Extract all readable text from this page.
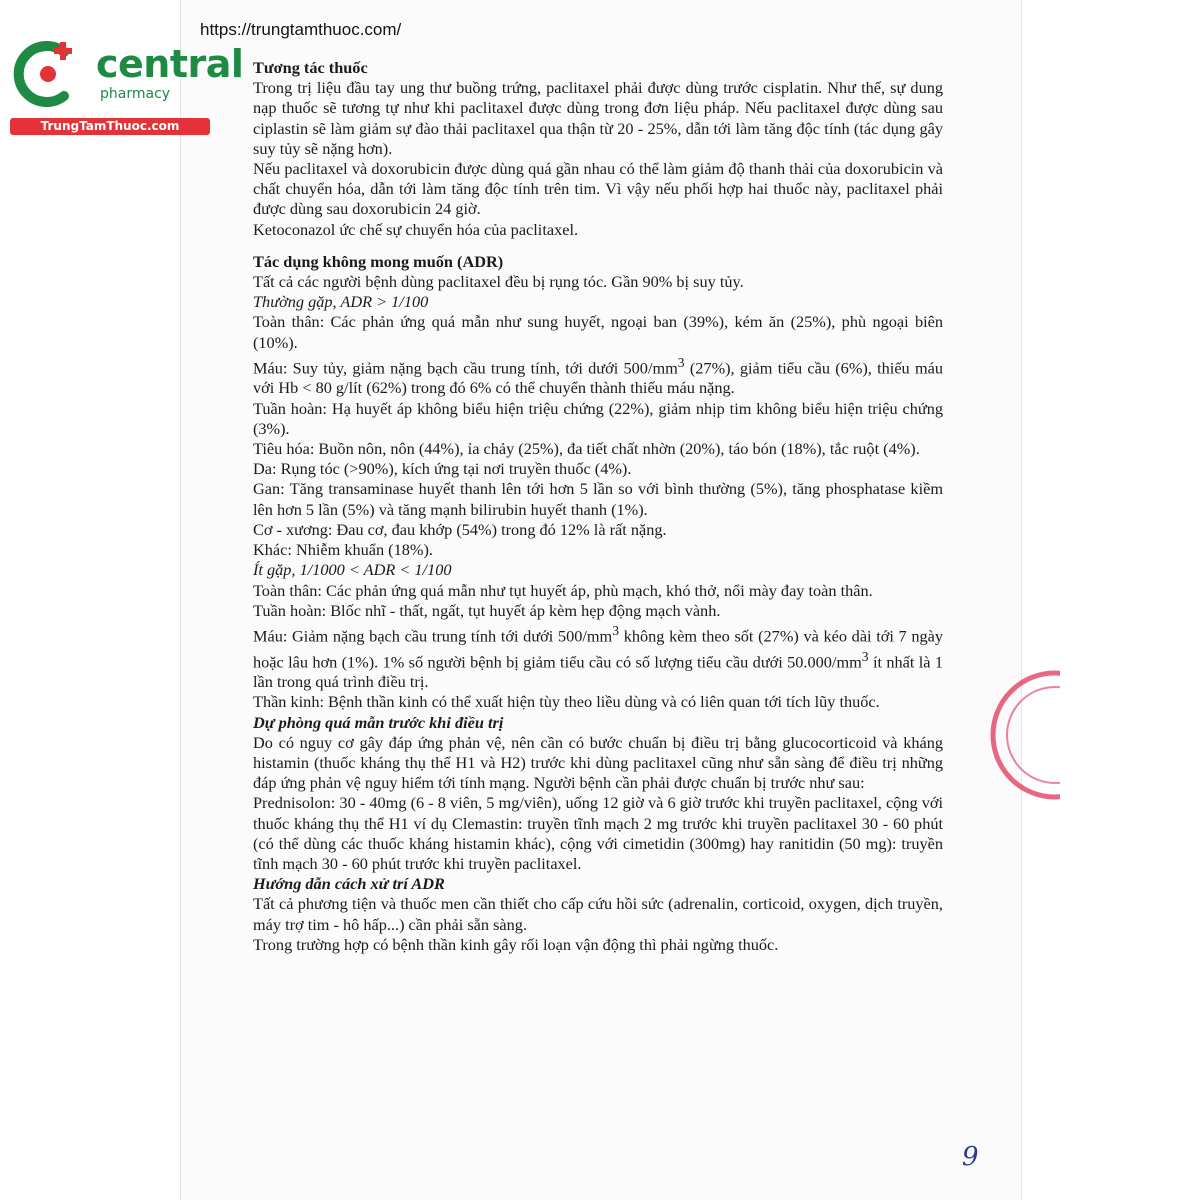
https://trungtamthuoc.com/
central
pharmacy
TrungTamThuoc.com

Tương tác thuốc

Trong trị liệu đầu tay ung thư buồng trứng, paclitaxel phải được dùng trước cisplatin. Như thế, sự dung nạp thuốc sẽ tương tự như khi paclitaxel được dùng trong đơn liệu pháp. Nếu paclitaxel được dùng sau ciplastin sẽ làm giảm sự đào thải paclitaxel qua thận từ 20 - 25%, dẫn tới làm tăng độc tính (tác dụng gây suy tủy sẽ nặng hơn).

Nếu paclitaxel và doxorubicin được dùng quá gần nhau có thể làm giảm độ thanh thải của doxorubicin và chất chuyển hóa, dẫn tới làm tăng độc tính trên tim. Vì vậy nếu phối hợp hai thuốc này, paclitaxel phải được dùng sau doxorubicin 24 giờ.

Ketoconazol ức chế sự chuyển hóa của paclitaxel.

Tác dụng không mong muốn (ADR)

Tất cả các người bệnh dùng paclitaxel đều bị rụng tóc. Gần 90% bị suy tủy.

Thường gặp, ADR > 1/100

Toàn thân: Các phản ứng quá mẫn như sung huyết, ngoại ban (39%), kém ăn (25%), phù ngoại biên (10%).

Máu: Suy tủy, giảm nặng bạch cầu trung tính, tới dưới $500/mm^3$ (27%), giảm tiểu cầu (6%), thiếu máu với Hb < 80 g/lít (62%) trong đó 6% có thể chuyển thành thiếu máu nặng.

Tuần hoàn: Hạ huyết áp không biểu hiện triệu chứng (22%), giảm nhịp tim không biểu hiện triệu chứng (3%).

Tiêu hóa: Buồn nôn, nôn (44%), ỉa chảy (25%), đa tiết chất nhờn (20%), táo bón (18%), tắc ruột (4%).

Da: Rụng tóc (>90%), kích ứng tại nơi truyền thuốc (4%).

Gan: Tăng transaminase huyết thanh lên tới hơn 5 lần so với bình thường (5%), tăng phosphatase kiềm lên hơn 5 lần (5%) và tăng mạnh bilirubin huyết thanh (1%).

Cơ - xương: Đau cơ, đau khớp (54%) trong đó 12% là rất nặng.

Khác: Nhiễm khuẩn (18%).

Ít gặp, 1/1000 < ADR < 1/100

Toàn thân: Các phản ứng quá mẫn như tụt huyết áp, phù mạch, khó thở, nổi mày đay toàn thân.

Tuần hoàn: Blốc nhĩ - thất, ngất, tụt huyết áp kèm hẹp động mạch vành.

Máu: Giảm nặng bạch cầu trung tính tới dưới $500/mm^3$ không kèm theo sốt (27%) và kéo dài tới 7 ngày hoặc lâu hơn (1%). 1% số người bệnh bị giảm tiểu cầu có số lượng tiểu cầu dưới $50.000/mm^3$ ít nhất là 1 lần trong quá trình điều trị.

Thần kinh: Bệnh thần kinh có thể xuất hiện tùy theo liều dùng và có liên quan tới tích lũy thuốc.

Dự phòng quá mẫn trước khi điều trị

Do có nguy cơ gây đáp ứng phản vệ, nên cần có bước chuẩn bị điều trị bằng glucocorticoid và kháng histamin (thuốc kháng thụ thể H1 và H2) trước khi dùng paclitaxel cũng như sẵn sàng để điều trị những đáp ứng phản vệ nguy hiểm tới tính mạng. Người bệnh cần phải được chuẩn bị trước như sau:

Prednisolon: 30 - 40mg (6 - 8 viên, 5 mg/viên), uống 12 giờ và 6 giờ trước khi truyền paclitaxel, cộng với thuốc kháng thụ thể H1 ví dụ Clemastin: truyền tĩnh mạch 2 mg trước khi truyền paclitaxel 30 - 60 phút (có thể dùng các thuốc kháng histamin khác), cộng với cimetidin (300mg) hay ranitidin (50 mg): truyền tĩnh mạch 30 - 60 phút trước khi truyền paclitaxel.

Hướng dẫn cách xử trí ADR

Tất cả phương tiện và thuốc men cần thiết cho cấp cứu hồi sức (adrenalin, corticoid, oxygen, dịch truyền, máy trợ tim - hô hấp...) cần phải sẵn sàng.

Trong trường hợp có bệnh thần kinh gây rối loạn vận động thì phải ngừng thuốc.

9
